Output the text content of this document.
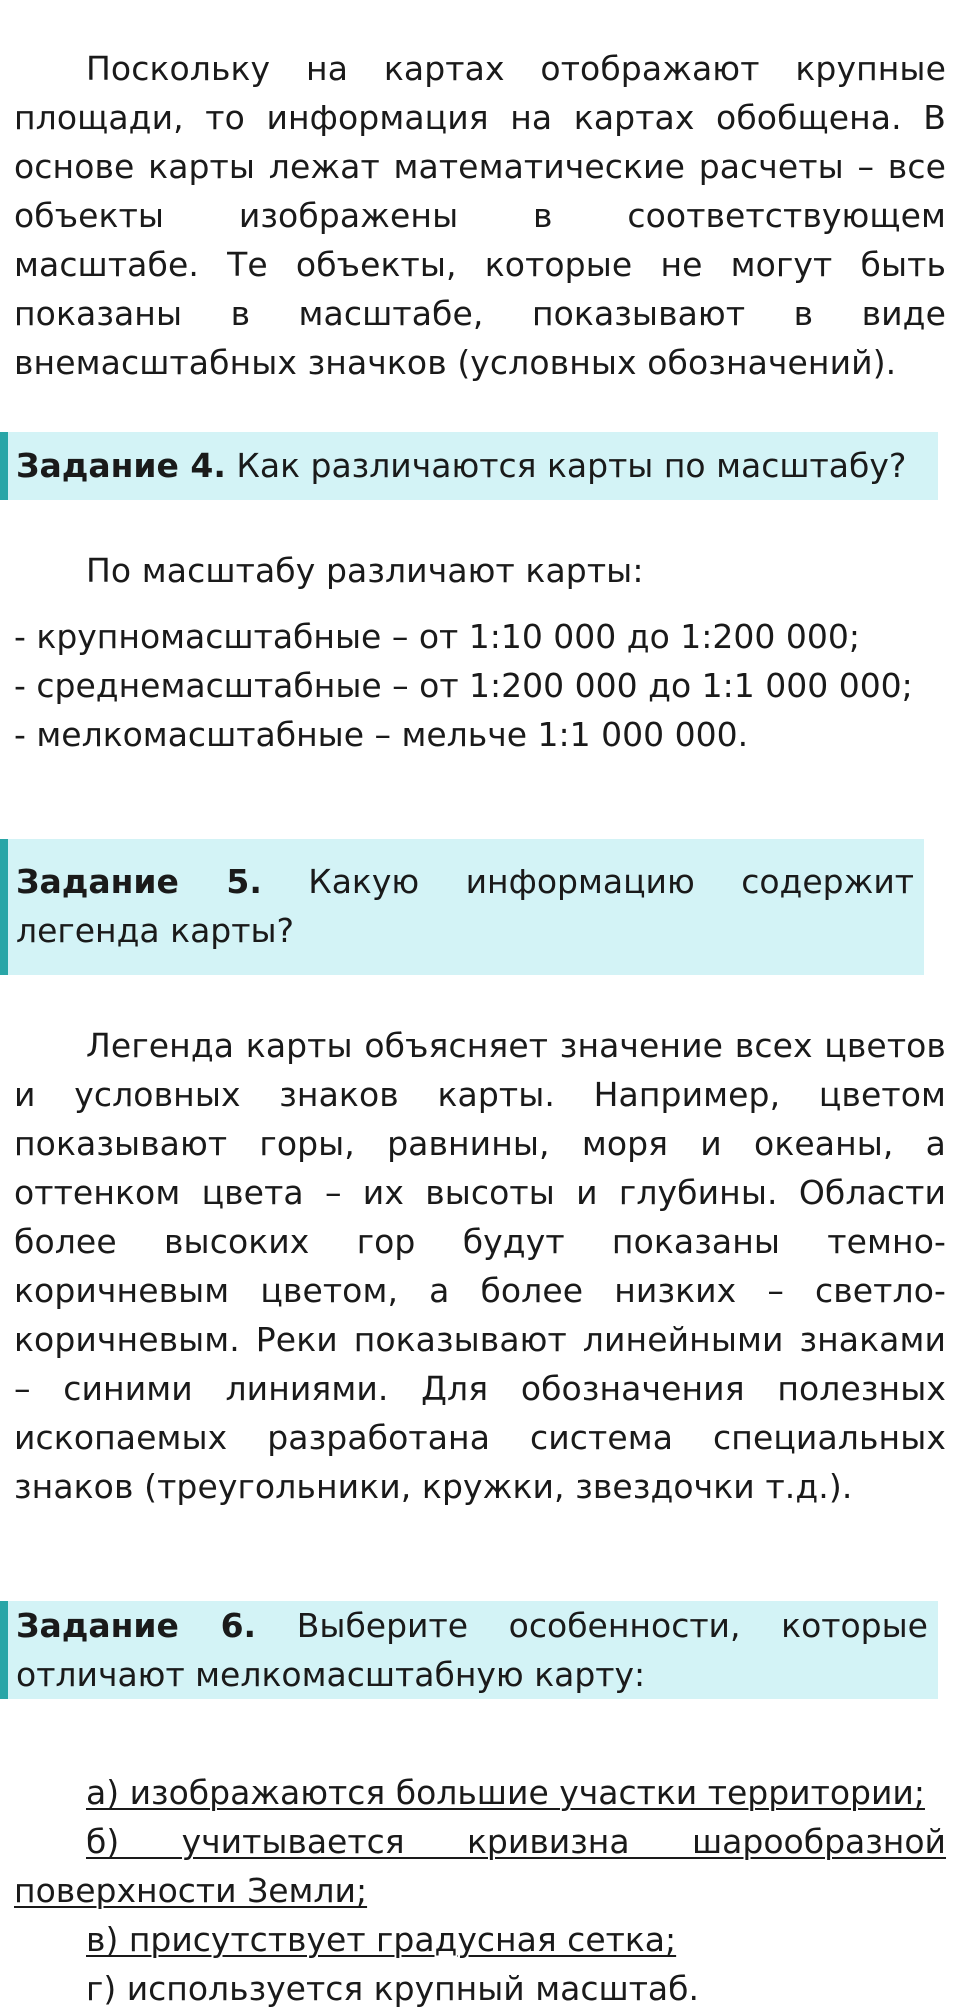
Поскольку на картах отображают крупные площади, то информация на картах обобщена. В основе карты лежат математические расчеты – все объекты изображены в соответствующем масштабе. Те объекты, которые не могут быть показаны в масштабе, показывают в виде внемасштабных значков (условных обозначений).

Задание 4. Как различаются карты по масштабу?

По масштабу различают карты:

- крупномасштабные – от 1:10 000 до 1:200 000;
- среднемасштабные – от 1:200 000 до 1:1 000 000;
- мелкомасштабные – мельче 1:1 000 000.
Задание 5. Какую информацию содержит легенда карты?

Легенда карты объясняет значение всех цветов и условных знаков карты. Например, цветом показывают горы, равнины, моря и океаны, а оттенком цвета – их высоты и глубины. Области более высоких гор будут показаны темно-коричневым цветом, а более низких – светло-коричневым. Реки показывают линейными знаками – синими линиями. Для обозначения полезных ископаемых разработана система специальных знаков (треугольники, кружки, звездочки т.д.).

Задание 6. Выберите особенности, которые отличают мелкомасштабную карту:
а) изображаются большие участки территории;
б) учитывается кривизна шарообразной поверхности Земли;
в) присутствует градусная сетка;
г) используется крупный масштаб.
